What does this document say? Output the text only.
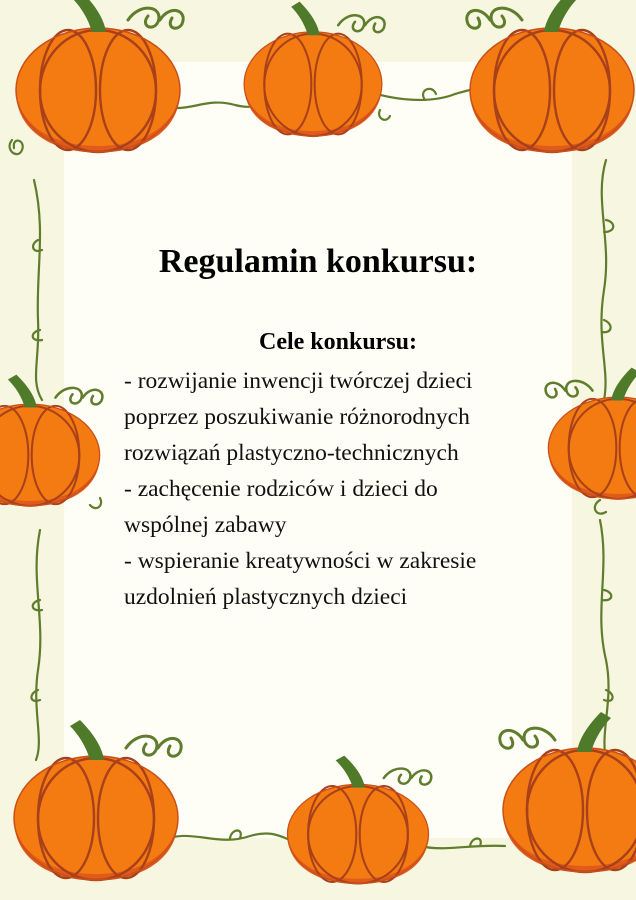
Regulamin konkursu:
Cele konkursu:
- rozwijanie inwencji twórczej dzieci
poprzez poszukiwanie różnorodnych
rozwiązań plastyczno-technicznych
- zachęcenie rodziców i dzieci do
wspólnej zabawy
- wspieranie kreatywności w zakresie
uzdolnień plastycznych dzieci
